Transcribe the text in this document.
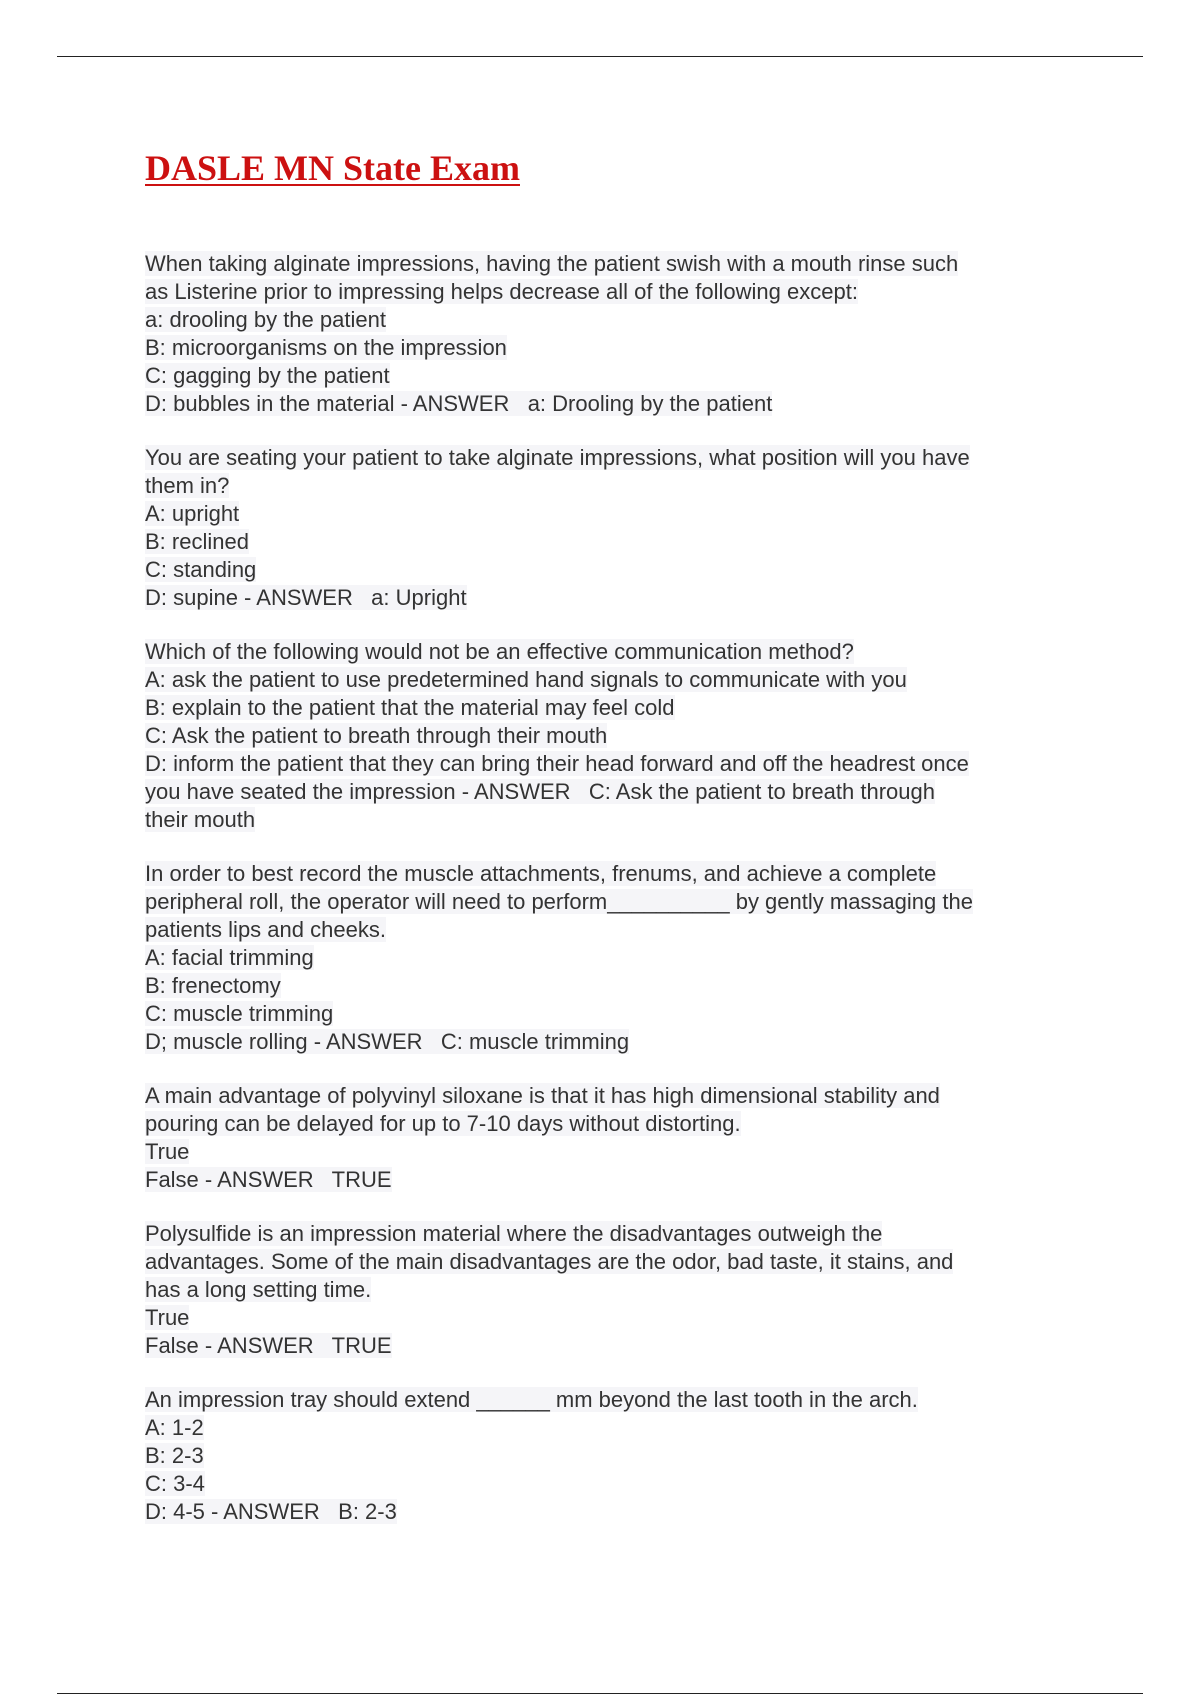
DASLE MN State Exam
When taking alginate impressions, having the patient swish with a mouth rinse such
as Listerine prior to impressing helps decrease all of the following except:
a: drooling by the patient
B: microorganisms on the impression
C: gagging by the patient
D: bubbles in the material - ANSWER   a: Drooling by the patient
You are seating your patient to take alginate impressions, what position will you have
them in?
A: upright
B: reclined
C: standing
D: supine - ANSWER   a: Upright
Which of the following would not be an effective communication method?
A: ask the patient to use predetermined hand signals to communicate with you
B: explain to the patient that the material may feel cold
C: Ask the patient to breath through their mouth
D: inform the patient that they can bring their head forward and off the headrest once
you have seated the impression - ANSWER   C: Ask the patient to breath through
their mouth
In order to best record the muscle attachments, frenums, and achieve a complete
peripheral roll, the operator will need to perform__________ by gently massaging the
patients lips and cheeks.
A: facial trimming
B: frenectomy
C: muscle trimming
D; muscle rolling - ANSWER   C: muscle trimming
A main advantage of polyvinyl siloxane is that it has high dimensional stability and
pouring can be delayed for up to 7-10 days without distorting.
True
False - ANSWER   TRUE
Polysulfide is an impression material where the disadvantages outweigh the
advantages. Some of the main disadvantages are the odor, bad taste, it stains, and
has a long setting time.
True
False - ANSWER   TRUE
An impression tray should extend ______ mm beyond the last tooth in the arch.
A: 1-2
B: 2-3
C: 3-4
D: 4-5 - ANSWER   B: 2-3
